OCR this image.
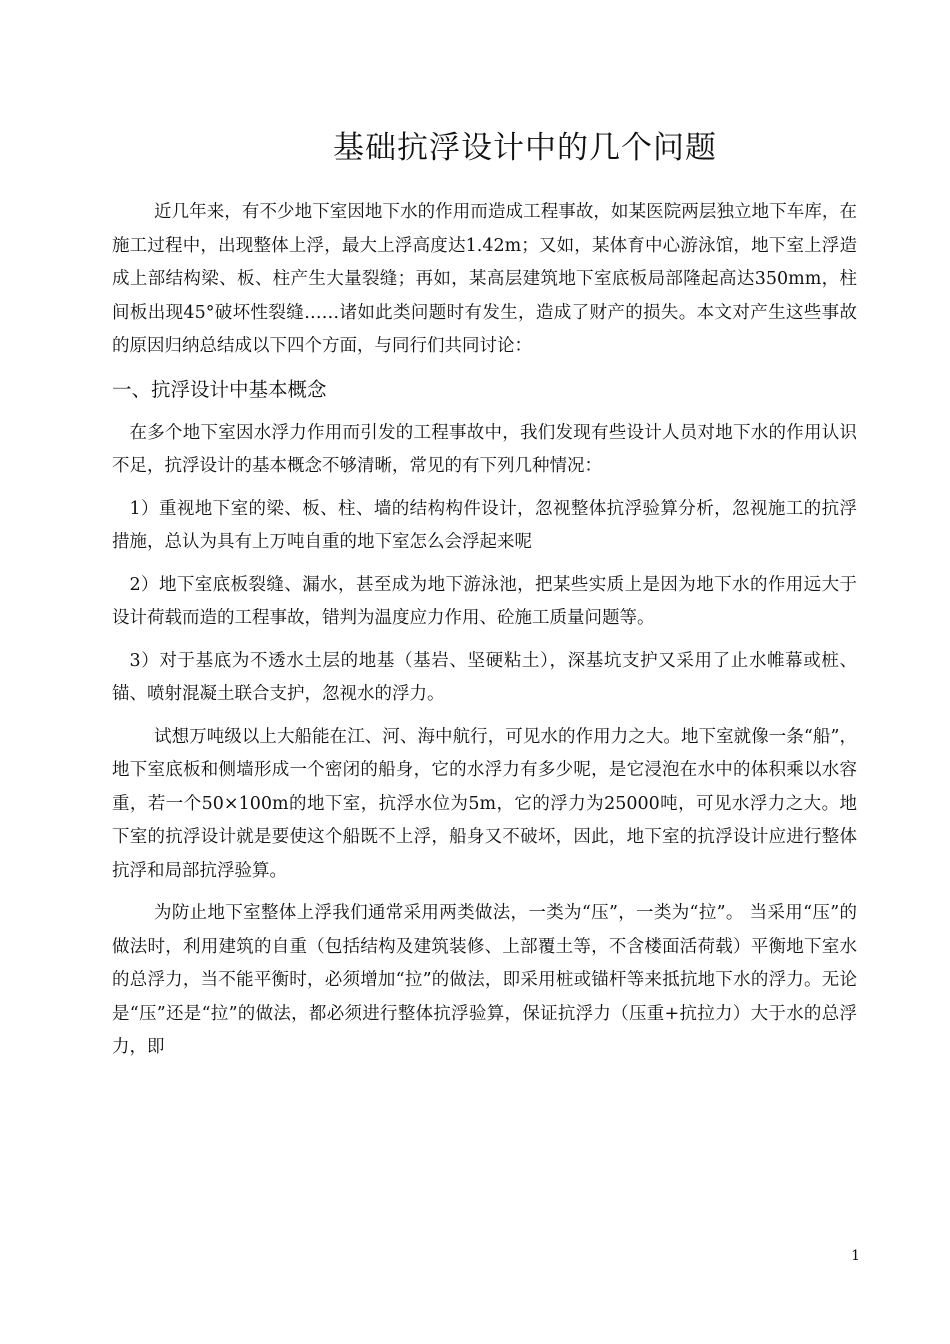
基础抗浮设计中的几个问题

近几年来，有不少地下室因地下水的作用而造成工程事故，如某医院两层独立地下车库，在施工过程中，出现整体上浮，最大上浮高度达1.42m；又如，某体育中心游泳馆，地下室上浮造成上部结构梁、板、柱产生大量裂缝；再如，某高层建筑地下室底板局部隆起高达350mm，柱间板出现45°破坏性裂缝……诸如此类问题时有发生，造成了财产的损失。本文对产生这些事故的原因归纳总结成以下四个方面，与同行们共同讨论：

一、抗浮设计中基本概念

在多个地下室因水浮力作用而引发的工程事故中，我们发现有些设计人员对地下水的作用认识不足，抗浮设计的基本概念不够清晰，常见的有下列几种情况：

1）重视地下室的梁、板、柱、墙的结构构件设计，忽视整体抗浮验算分析，忽视施工的抗浮措施，总认为具有上万吨自重的地下室怎么会浮起来呢

2）地下室底板裂缝、漏水，甚至成为地下游泳池，把某些实质上是因为地下水的作用远大于设计荷载而造的工程事故，错判为温度应力作用、砼施工质量问题等。

3）对于基底为不透水土层的地基（基岩、坚硬粘土），深基坑支护又采用了止水帷幕或桩、锚、喷射混凝土联合支护，忽视水的浮力。

试想万吨级以上大船能在江、河、海中航行，可见水的作用力之大。地下室就像一条“船”，地下室底板和侧墙形成一个密闭的船身，它的水浮力有多少呢，是它浸泡在水中的体积乘以水容重，若一个50×100m的地下室，抗浮水位为5m，它的浮力为25000吨，可见水浮力之大。地下室的抗浮设计就是要使这个船既不上浮，船身又不破坏，因此，地下室的抗浮设计应进行整体抗浮和局部抗浮验算。

为防止地下室整体上浮我们通常采用两类做法，一类为“压”，一类为“拉”。 当采用“压”的做法时，利用建筑的自重（包括结构及建筑装修、上部覆土等，不含楼面活荷载）平衡地下室水的总浮力，当不能平衡时，必须增加“拉”的做法，即采用桩或锚杆等来抵抗地下水的浮力。无论是“压”还是“拉”的做法，都必须进行整体抗浮验算，保证抗浮力（压重+抗拉力）大于水的总浮力，即

1
